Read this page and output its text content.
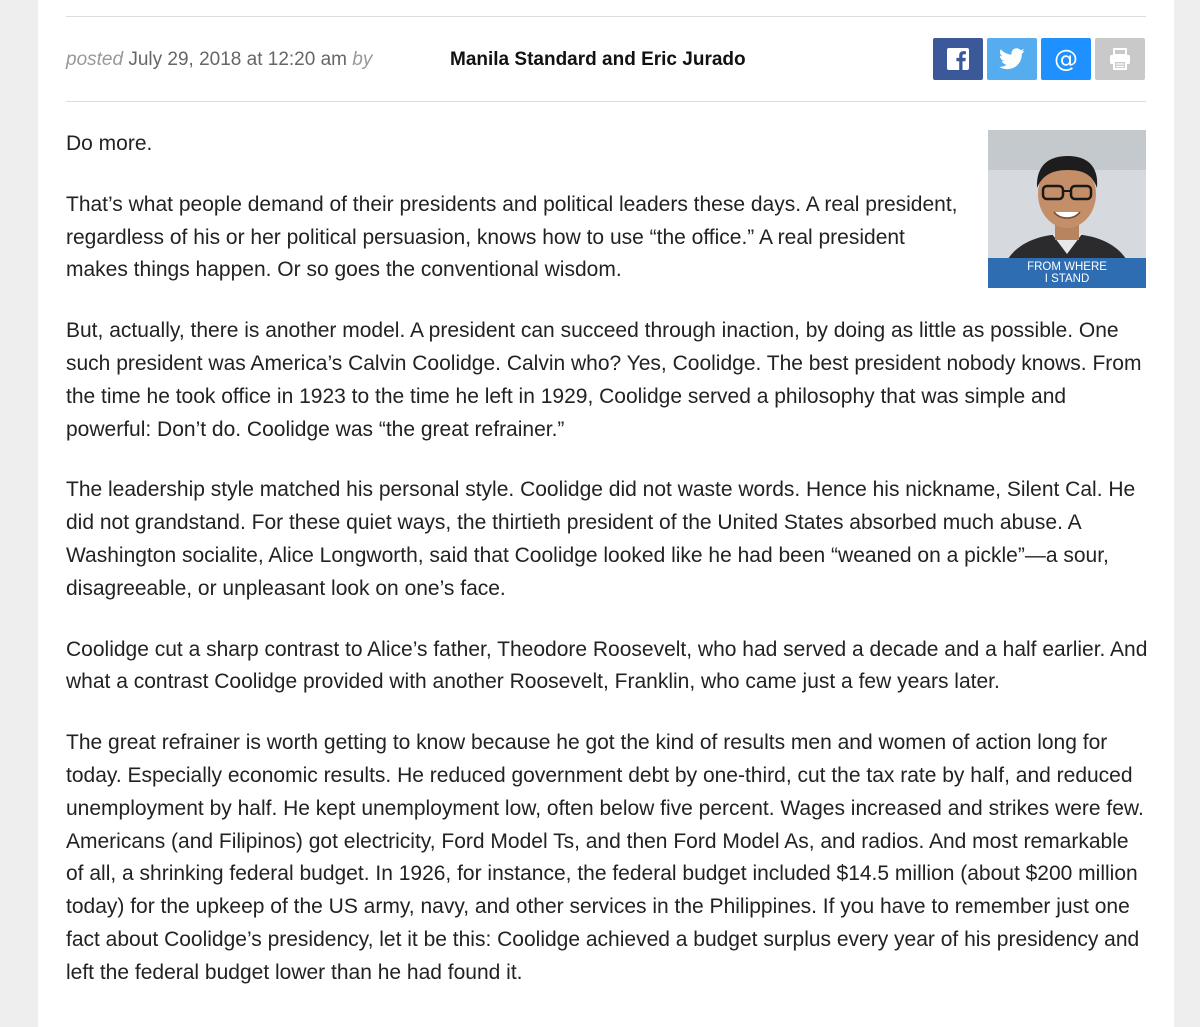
posted July 29, 2018 at 12:20 am by	Manila Standard and Eric Jurado	@
FROM WHERE
I STAND

Do more.

That’s what people demand of their presidents and political leaders these days. A real president, regardless of his or her political persuasion, knows how to use “the office.” A real president makes things happen. Or so goes the conventional wisdom.

But, actually, there is another model. A president can succeed through inaction, by doing as little as possible. One such president was America’s Calvin Coolidge. Calvin who? Yes, Coolidge. The best president nobody knows. From the time he took office in 1923 to the time he left in 1929, Coolidge served a philosophy that was simple and powerful: Don’t do. Coolidge was “the great refrainer.”

The leadership style matched his personal style. Coolidge did not waste words. Hence his nickname, Silent Cal. He did not grandstand. For these quiet ways, the thirtieth president of the United States absorbed much abuse. A Washington socialite, Alice Longworth, said that Coolidge looked like he had been “weaned on a pickle”—a sour, disagreeable, or unpleasant look on one’s face.

Coolidge cut a sharp contrast to Alice’s father, Theodore Roosevelt, who had served a decade and a half earlier. And what a contrast Coolidge provided with another Roosevelt, Franklin, who came just a few years later.

The great refrainer is worth getting to know because he got the kind of results men and women of action long for today. Especially economic results. He reduced government debt by one-third, cut the tax rate by half, and reduced unemployment by half. He kept unemployment low, often below five percent. Wages increased and strikes were few. Americans (and Filipinos) got electricity, Ford Model Ts, and then Ford Model As, and radios. And most remarkable of all, a shrinking federal budget. In 1926, for instance, the federal budget included $14.5 million (about $200 million today) for the upkeep of the US army, navy, and other services in the Philippines. If you have to remember just one fact about Coolidge’s presidency, let it be this: Coolidge achieved a budget surplus every year of his presidency and left the federal budget lower than he had found it.
